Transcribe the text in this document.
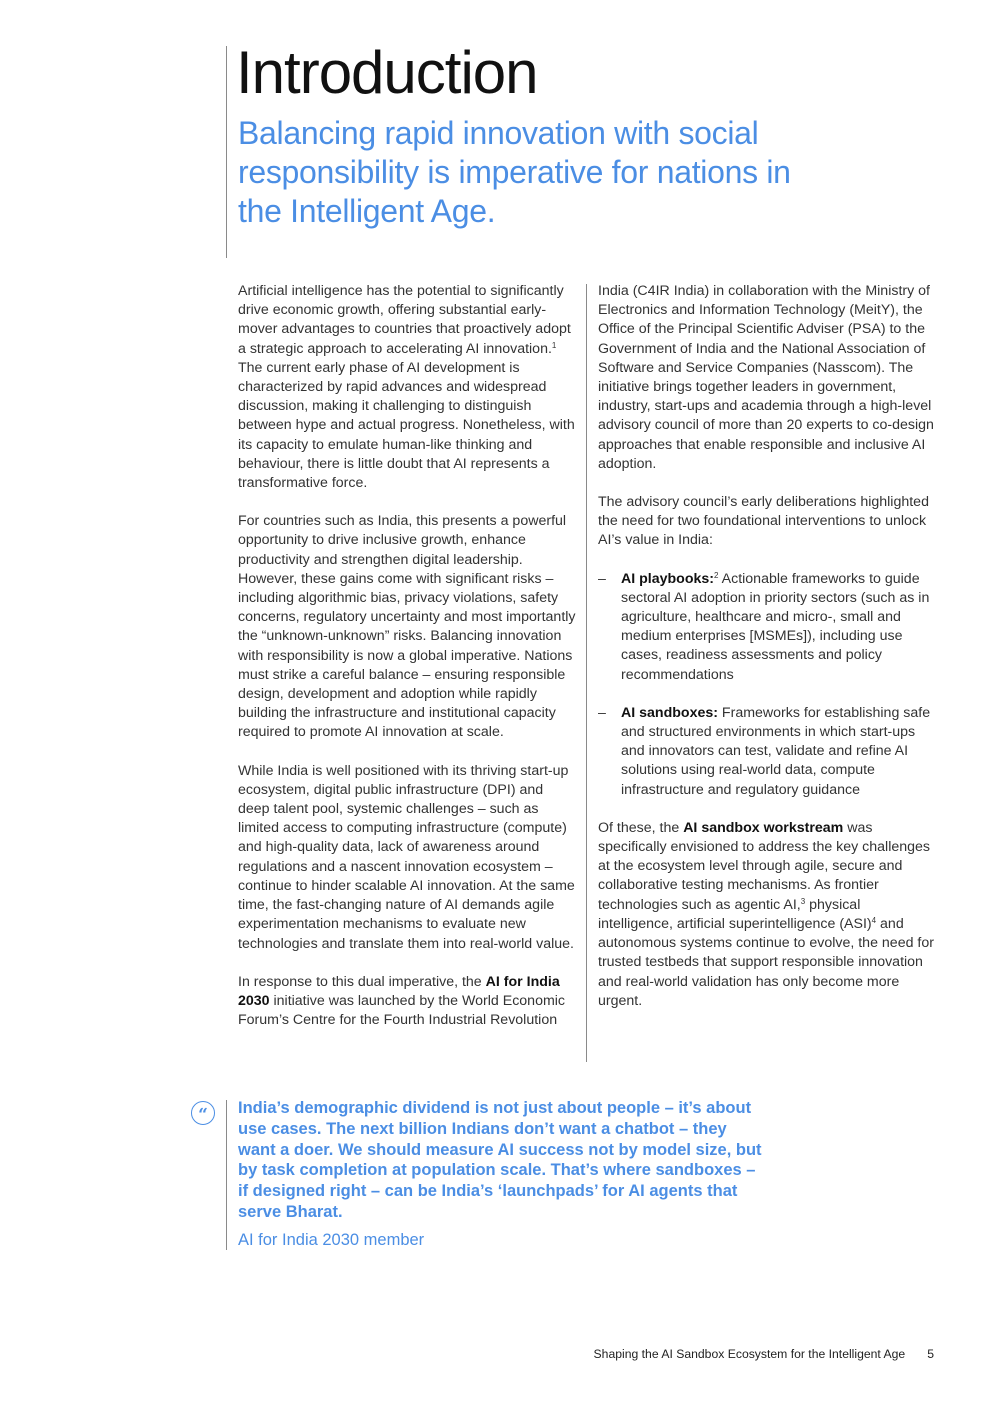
Introduction
Balancing rapid innovation with social responsibility is imperative for nations in the Intelligent Age.

Artificial intelligence has the potential to significantly drive economic growth, offering substantial early-mover advantages to countries that proactively adopt a strategic approach to accelerating AI innovation.$^1$ The current early phase of AI development is characterized by rapid advances and widespread discussion, making it challenging to distinguish between hype and actual progress. Nonetheless, with its capacity to emulate human-like thinking and behaviour, there is little doubt that AI represents a transformative force.

For countries such as India, this presents a powerful opportunity to drive inclusive growth, enhance productivity and strengthen digital leadership. However, these gains come with significant risks – including algorithmic bias, privacy violations, safety concerns, regulatory uncertainty and most importantly the “unknown-unknown” risks. Balancing innovation with responsibility is now a global imperative. Nations must strike a careful balance – ensuring responsible design, development and adoption while rapidly building the infrastructure and institutional capacity required to promote AI innovation at scale.

While India is well positioned with its thriving start-up ecosystem, digital public infrastructure (DPI) and deep talent pool, systemic challenges – such as limited access to computing infrastructure (compute) and high-quality data, lack of awareness around regulations and a nascent innovation ecosystem – continue to hinder scalable AI innovation. At the same time, the fast-changing nature of AI demands agile experimentation mechanisms to evaluate new technologies and translate them into real-world value.

In response to this dual imperative, the AI for India 2030 initiative was launched by the World Economic Forum’s Centre for the Fourth Industrial Revolution

India (C4IR India) in collaboration with the Ministry of Electronics and Information Technology (MeitY), the Office of the Principal Scientific Adviser (PSA) to the Government of India and the National Association of Software and Service Companies (Nasscom). The initiative brings together leaders in government, industry, start-ups and academia through a high-level advisory council of more than 20 experts to co-design approaches that enable responsible and inclusive AI adoption.

The advisory council’s early deliberations highlighted the need for two foundational interventions to unlock AI’s value in India:

– AI playbooks:$^2$ Actionable frameworks to guide sectoral AI adoption in priority sectors (such as in agriculture, healthcare and micro-, small and medium enterprises [MSMEs]), including use cases, readiness assessments and policy recommendations
– AI sandboxes: Frameworks for establishing safe and structured environments in which start-ups and innovators can test, validate and refine AI solutions using real-world data, compute infrastructure and regulatory guidance

Of these, the AI sandbox workstream was specifically envisioned to address the key challenges at the ecosystem level through agile, secure and collaborative testing mechanisms. As frontier technologies such as agentic AI,$^3$ physical intelligence, artificial superintelligence (ASI)$^4$ and autonomous systems continue to evolve, the need for trusted testbeds that support responsible innovation and real-world validation has only become more urgent.

“	India’s demographic dividend is not just about people – it’s about use cases. The next billion Indians don’t want a chatbot – they want a doer. We should measure AI success not by model size, but by task completion at population scale. That’s where sandboxes – if designed right – can be India’s ‘launchpads’ for AI agents that serve Bharat.

AI for India 2030 member

Shaping the AI Sandbox Ecosystem for the Intelligent Age 5
